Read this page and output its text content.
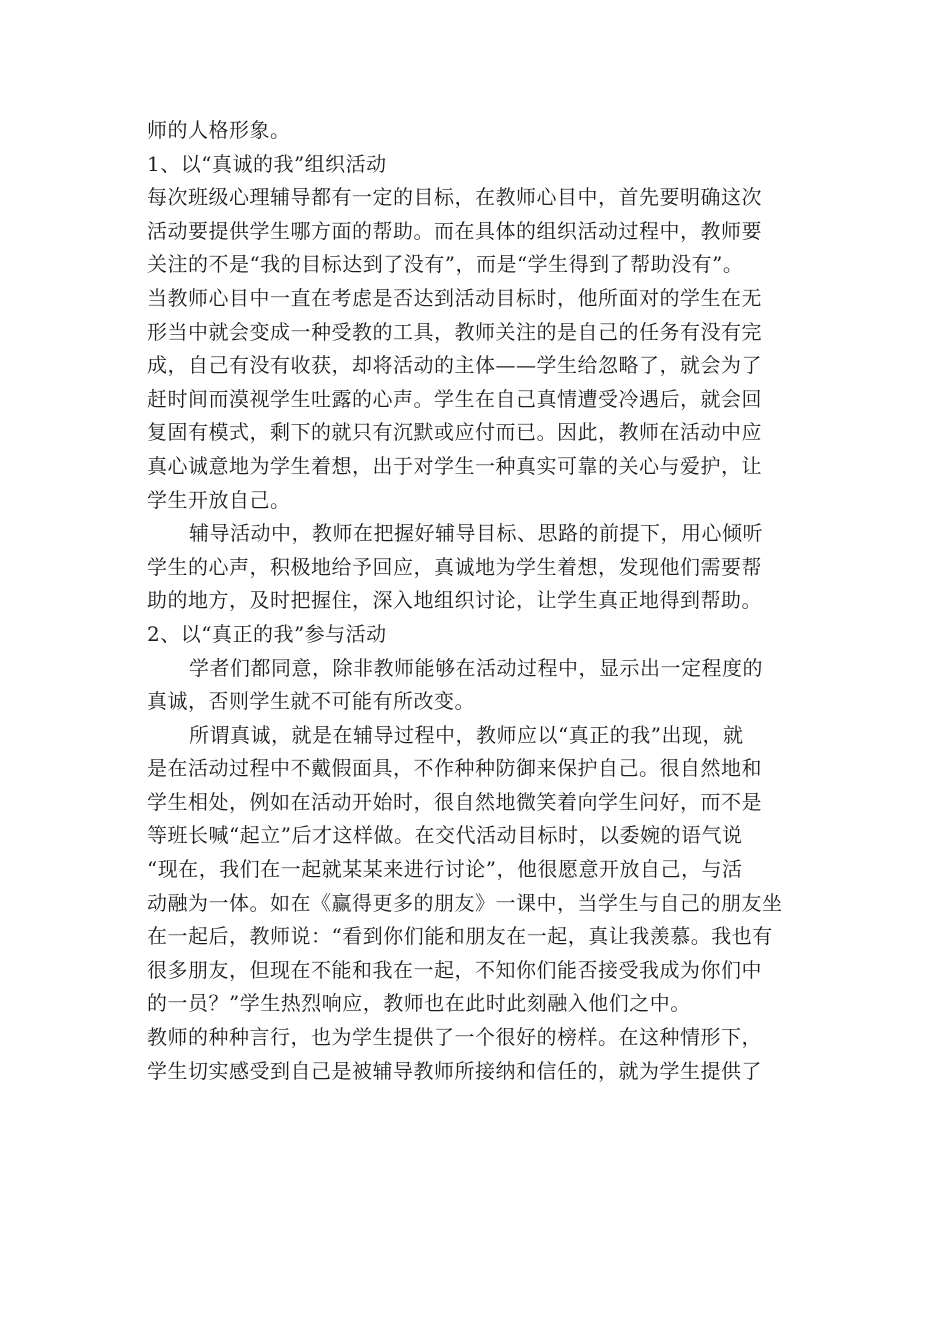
师的人格形象。

1、以“真诚的我”组织活动

每次班级心理辅导都有一定的目标，在教师心目中，首先要明确这次

活动要提供学生哪方面的帮助。而在具体的组织活动过程中，教师要

关注的不是“我的目标达到了没有”，而是“学生得到了帮助没有”。

当教师心目中一直在考虑是否达到活动目标时，他所面对的学生在无

形当中就会变成一种受教的工具，教师关注的是自己的任务有没有完

成，自己有没有收获，却将活动的主体——学生给忽略了，就会为了

赶时间而漠视学生吐露的心声。学生在自己真情遭受冷遇后，就会回

复固有模式，剩下的就只有沉默或应付而已。因此，教师在活动中应

真心诚意地为学生着想，出于对学生一种真实可靠的关心与爱护，让

学生开放自己。

辅导活动中，教师在把握好辅导目标、思路的前提下，用心倾听

学生的心声，积极地给予回应，真诚地为学生着想，发现他们需要帮

助的地方，及时把握住，深入地组织讨论，让学生真正地得到帮助。

2、以“真正的我”参与活动

学者们都同意，除非教师能够在活动过程中，显示出一定程度的

真诚，否则学生就不可能有所改变。

所谓真诚，就是在辅导过程中，教师应以“真正的我”出现，就

是在活动过程中不戴假面具，不作种种防御来保护自己。很自然地和

学生相处，例如在活动开始时，很自然地微笑着向学生问好，而不是

等班长喊“起立”后才这样做。在交代活动目标时，以委婉的语气说

“现在，我们在一起就某某来进行讨论”，他很愿意开放自己，与活

动融为一体。如在《赢得更多的朋友》一课中，当学生与自己的朋友坐

在一起后，教师说：“看到你们能和朋友在一起，真让我羡慕。我也有

很多朋友，但现在不能和我在一起，不知你们能否接受我成为你们中

的一员？”学生热烈响应，教师也在此时此刻融入他们之中。

教师的种种言行，也为学生提供了一个很好的榜样。在这种情形下，

学生切实感受到自己是被辅导教师所接纳和信任的，就为学生提供了
